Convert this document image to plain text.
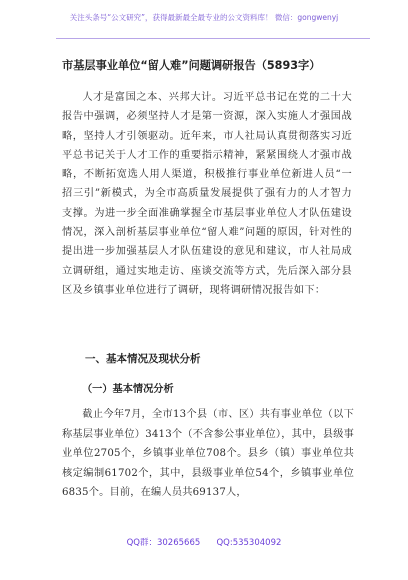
关注头条号“公文研究”，获得最新最全最专业的公文资料库！ 微信：gongwenyj
市基层事业单位“留人难”问题调研报告（5893字）

人才是富国之本、兴邦大计。习近平总书记在党的二十大报告中强调，必须坚持人才是第一资源，深入实施人才强国战略，坚持人才引领驱动。近年来，市人社局认真贯彻落实习近平总书记关于人才工作的重要指示精神，紧紧围绕人才强市战略，不断拓宽选人用人渠道，积极推行事业单位新进人员“一招三引”新模式，为全市高质量发展提供了强有力的人才智力支撑。为进一步全面准确掌握全市基层事业单位人才队伍建设情况，深入剖析基层事业单位“留人难”问题的原因，针对性的提出进一步加强基层人才队伍建设的意见和建议，市人社局成立调研组，通过实地走访、座谈交流等方式，先后深入部分县区及乡镇事业单位进行了调研，现将调研情况报告如下：

一、基本情况及现状分析
（一）基本情况分析

截止今年7月，全市13个县（市、区）共有事业单位（以下称基层事业单位）3413个（不含参公事业单位），其中，县级事业单位2705个，乡镇事业单位708个。县乡（镇）事业单位共核定编制61702个，其中，县级事业单位54个，乡镇事业单位6835个。目前，在编人员共69137人，

QQ群：30265665      QQ:535304092
